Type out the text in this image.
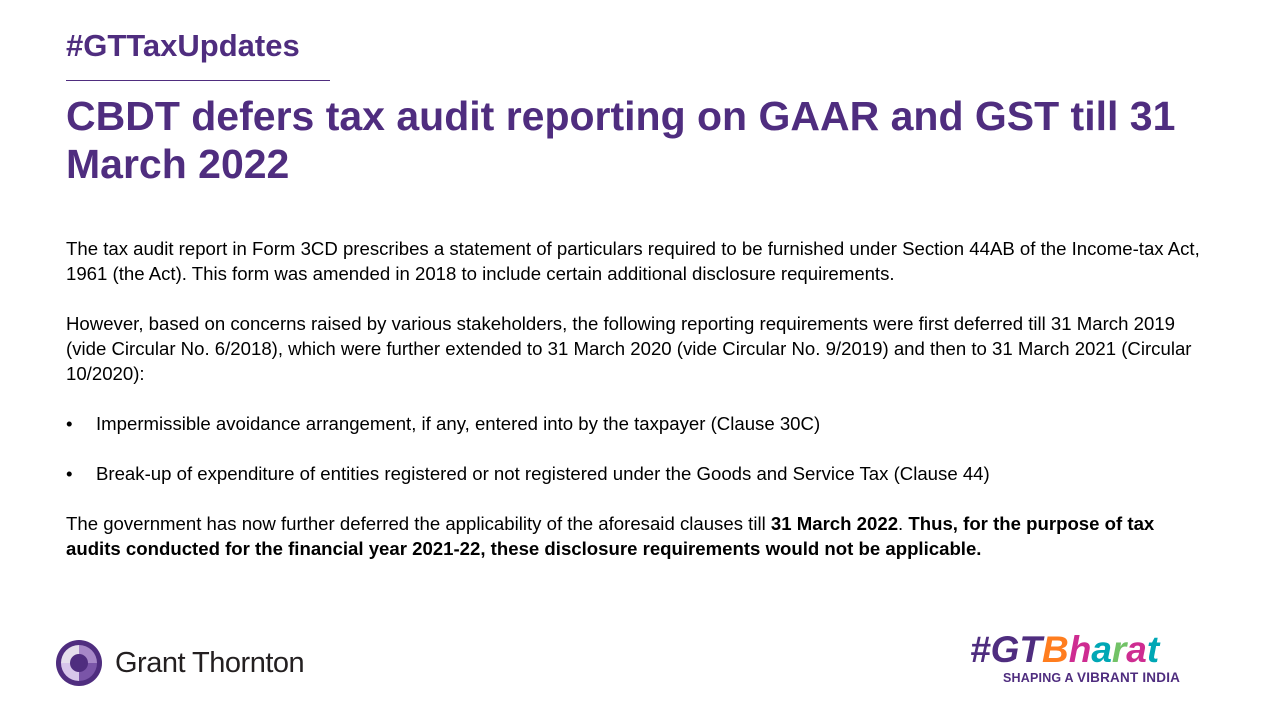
#GTTaxUpdates
CBDT defers tax audit reporting on GAAR and GST till 31 March 2022

The tax audit report in Form 3CD prescribes a statement of particulars required to be furnished under Section 44AB of the Income-tax Act, 1961 (the Act). This form was amended in 2018 to include certain additional disclosure requirements.

However, based on concerns raised by various stakeholders, the following reporting requirements were first deferred till 31 March 2019 (vide Circular No. 6/2018), which were further extended to 31 March 2020 (vide Circular No. 9/2019) and then to 31 March 2021 (Circular 10/2020):

• Impermissible avoidance arrangement, if any, entered into by the taxpayer (Clause 30C)

• Break-up of expenditure of entities registered or not registered under the Goods and Service Tax (Clause 44)

The government has now further deferred the applicability of the aforesaid clauses till 31 March 2022. Thus, for the purpose of tax audits conducted for the financial year 2021-22, these disclosure requirements would not be applicable.

Grant Thornton	#GTBharat
SHAPING A VIBRANT INDIA
